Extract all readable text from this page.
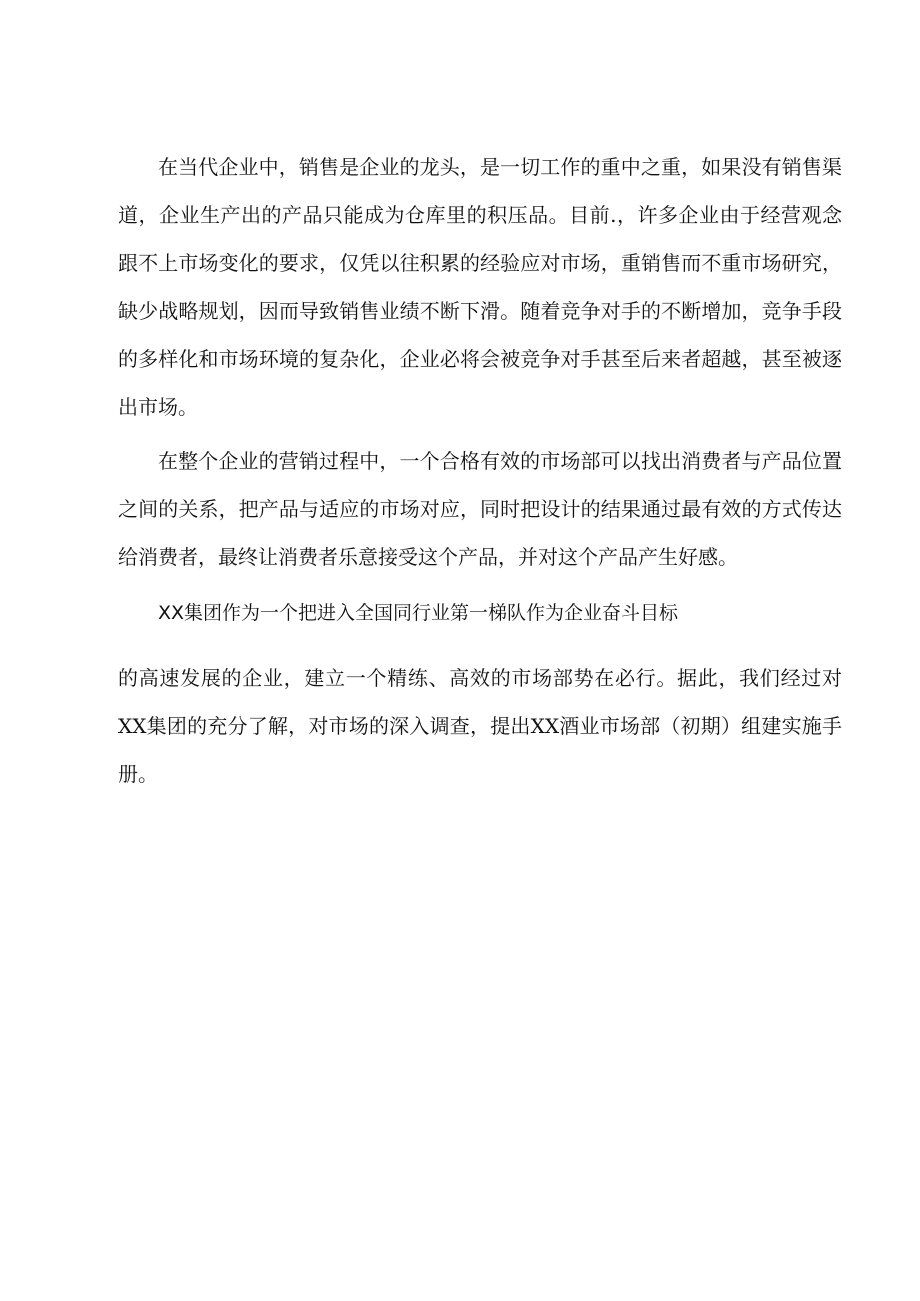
在当代企业中，销售是企业的龙头，是一切工作的重中之重，如果没有销售渠道，企业生产出的产品只能成为仓库里的积压品。目前.，许多企业由于经营观念跟不上市场变化的要求，仅凭以往积累的经验应对市场，重销售而不重市场研究，缺少战略规划，因而导致销售业绩不断下滑。随着竞争对手的不断增加，竞争手段的多样化和市场环境的复杂化，企业必将会被竞争对手甚至后来者超越，甚至被逐出市场。

在整个企业的营销过程中，一个合格有效的市场部可以找出消费者与产品位置之间的关系，把产品与适应的市场对应，同时把设计的结果通过最有效的方式传达给消费者，最终让消费者乐意接受这个产品，并对这个产品产生好感。

XX集团作为一个把进入全国同行业第一梯队作为企业奋斗目标

的高速发展的企业，建立一个精练、高效的市场部势在必行。据此，我们经过对XX集团的充分了解，对市场的深入调查，提出XX酒业市场部（初期）组建实施手册。
